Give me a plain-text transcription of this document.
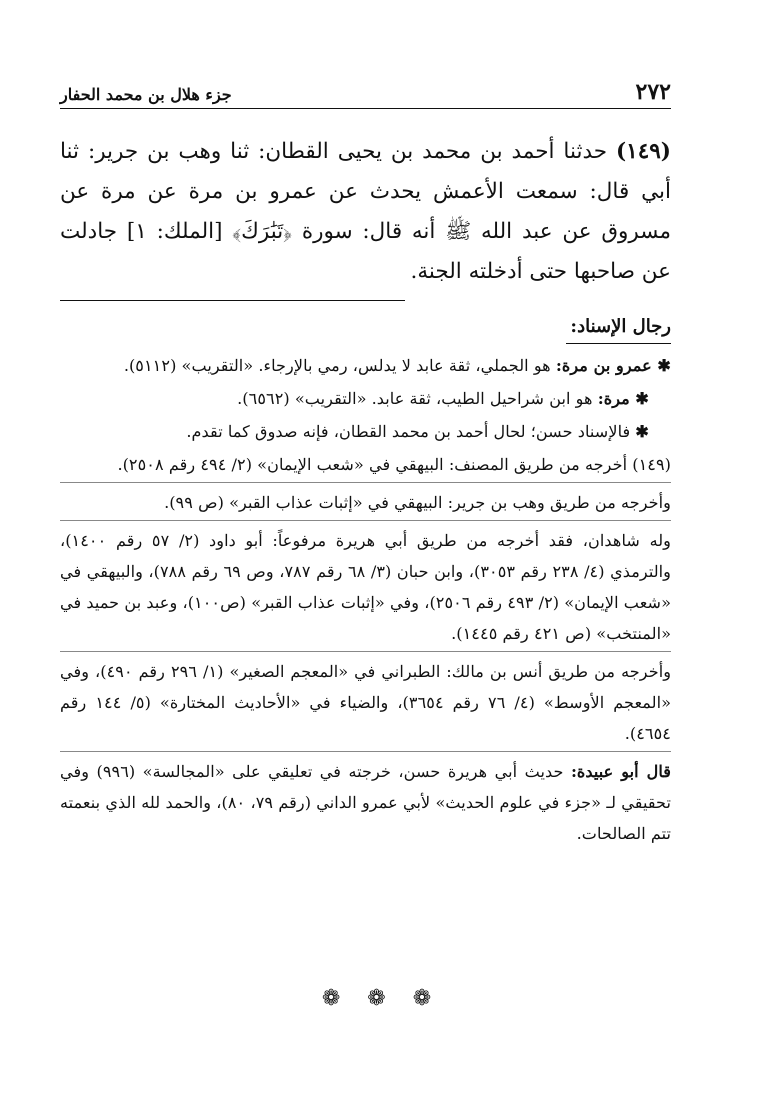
٢٧٢
جزء هلال بن محمد الحفار

(١٤٩) حدثنا أحمد بن محمد بن يحيى القطان: ثنا وهب بن جرير: ثنا أبي قال: سمعت الأعمش يحدث عن عمرو بن مرة عن مرة عن مسروق عن عبد الله ﷺ أنه قال: سورة ﴿تَبَٰرَكَ﴾ [الملك: ١] جادلت عن صاحبها حتى أدخلته الجنة.

رجال الإسناد:

✱ عمرو بن مرة: هو الجملي، ثقة عابد لا يدلس، رمي بالإرجاء. «التقريب» (٥١١٢).

✱ مرة: هو ابن شراحيل الطيب، ثقة عابد. «التقريب» (٦٥٦٢).

✱ فالإسناد حسن؛ لحال أحمد بن محمد القطان، فإنه صدوق كما تقدم.

(١٤٩) أخرجه من طريق المصنف: البيهقي في «شعب الإيمان» (٢/ ٤٩٤ رقم ٢٥٠٨).

وأخرجه من طريق وهب بن جرير: البيهقي في «إثبات عذاب القبر» (ص ٩٩).

وله شاهدان، فقد أخرجه من طريق أبي هريرة مرفوعاً: أبو داود (٢/ ٥٧ رقم ١٤٠٠)، والترمذي (٤/ ٢٣٨ رقم ٣٠٥٣)، وابن حبان (٣/ ٦٨ رقم ٧٨٧، وص ٦٩ رقم ٧٨٨)، والبيهقي في «شعب الإيمان» (٢/ ٤٩٣ رقم ٢٥٠٦)، وفي «إثبات عذاب القبر» (ص١٠٠)، وعبد بن حميد في «المنتخب» (ص ٤٢١ رقم ١٤٤٥).

وأخرجه من طريق أنس بن مالك: الطبراني في «المعجم الصغير» (١/ ٢٩٦ رقم ٤٩٠)، وفي «المعجم الأوسط» (٤/ ٧٦ رقم ٣٦٥٤)، والضياء في «الأحاديث المختارة» (٥/ ١٤٤ رقم ٤٦٥٤).

قال أبو عبيدة: حديث أبي هريرة حسن، خرجته في تعليقي على «المجالسة» (٩٩٦) وفي تحقيقي لـ «جزء في علوم الحديث» لأبي عمرو الداني (رقم ٧٩، ٨٠)، والحمد لله الذي بنعمته تتم الصالحات.

❁ ❁ ❁
